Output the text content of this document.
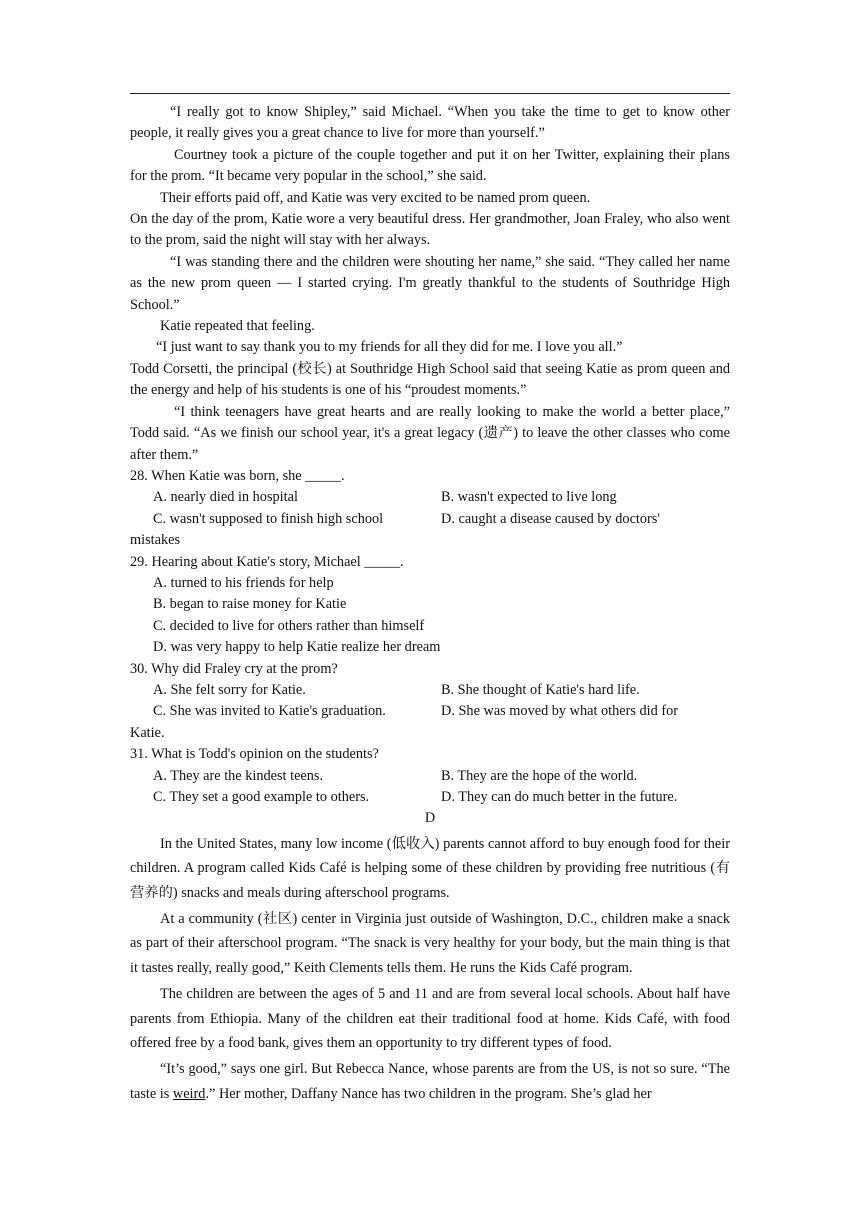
“I really got to know Shipley,” said Michael. “When you take the time to get to know other people, it really gives you a great chance to live for more than yourself.”

Courtney took a picture of the couple together and put it on her Twitter, explaining their plans for the prom. “It became very popular in the school,” she said.

Their efforts paid off, and Katie was very excited to be named prom queen.

On the day of the prom, Katie wore a very beautiful dress. Her grandmother, Joan Fraley, who also went to the prom, said the night will stay with her always.

“I was standing there and the children were shouting her name,” she said. “They called her name as the new prom queen — I started crying. I'm greatly thankful to the students of Southridge High School.”

Katie repeated that feeling.

“I just want to say thank you to my friends for all they did for me. I love you all.”

Todd Corsetti, the principal (校长) at Southridge High School said that seeing Katie as prom queen and the energy and help of his students is one of his “proudest moments.”

“I think teenagers have great hearts and are really looking to make the world a better place,” Todd said. “As we finish our school year, it's a great legacy (遗产) to leave the other classes who come after them.”

28. When Katie was born, she _____.

A. nearly died in hospital	B. wasn't expected to live long
C. wasn't supposed to finish high school	D. caught a disease caused by doctors'

mistakes

29. Hearing about Katie's story, Michael _____.

A. turned to his friends for help

B. began to raise money for Katie

C. decided to live for others rather than himself

D. was very happy to help Katie realize her dream

30. Why did Fraley cry at the prom?

A. She felt sorry for Katie.	B. She thought of Katie's hard life.
C. She was invited to Katie's graduation.	D. She was moved by what others did for

Katie.

31. What is Todd's opinion on the students?

A. They are the kindest teens.	B. They are the hope of the world.
C. They set a good example to others.	D. They can do much better in the future.

D

In the United States, many low income (低收入) parents cannot afford to buy enough food for their children. A program called Kids Café is helping some of these children by providing free nutritious (有营养的) snacks and meals during afterschool programs.

At a community (社区) center in Virginia just outside of Washington, D.C., children make a snack as part of their afterschool program. “The snack is very healthy for your body, but the main thing is that it tastes really, really good,” Keith Clements tells them. He runs the Kids Café program.

The children are between the ages of 5 and 11 and are from several local schools. About half have parents from Ethiopia. Many of the children eat their traditional food at home. Kids Café, with food offered free by a food bank, gives them an opportunity to try different types of food.

“It’s good,” says one girl. But Rebecca Nance, whose parents are from the US, is not so sure. “The taste is weird.” Her mother, Daffany Nance has two children in the program. She’s glad her
